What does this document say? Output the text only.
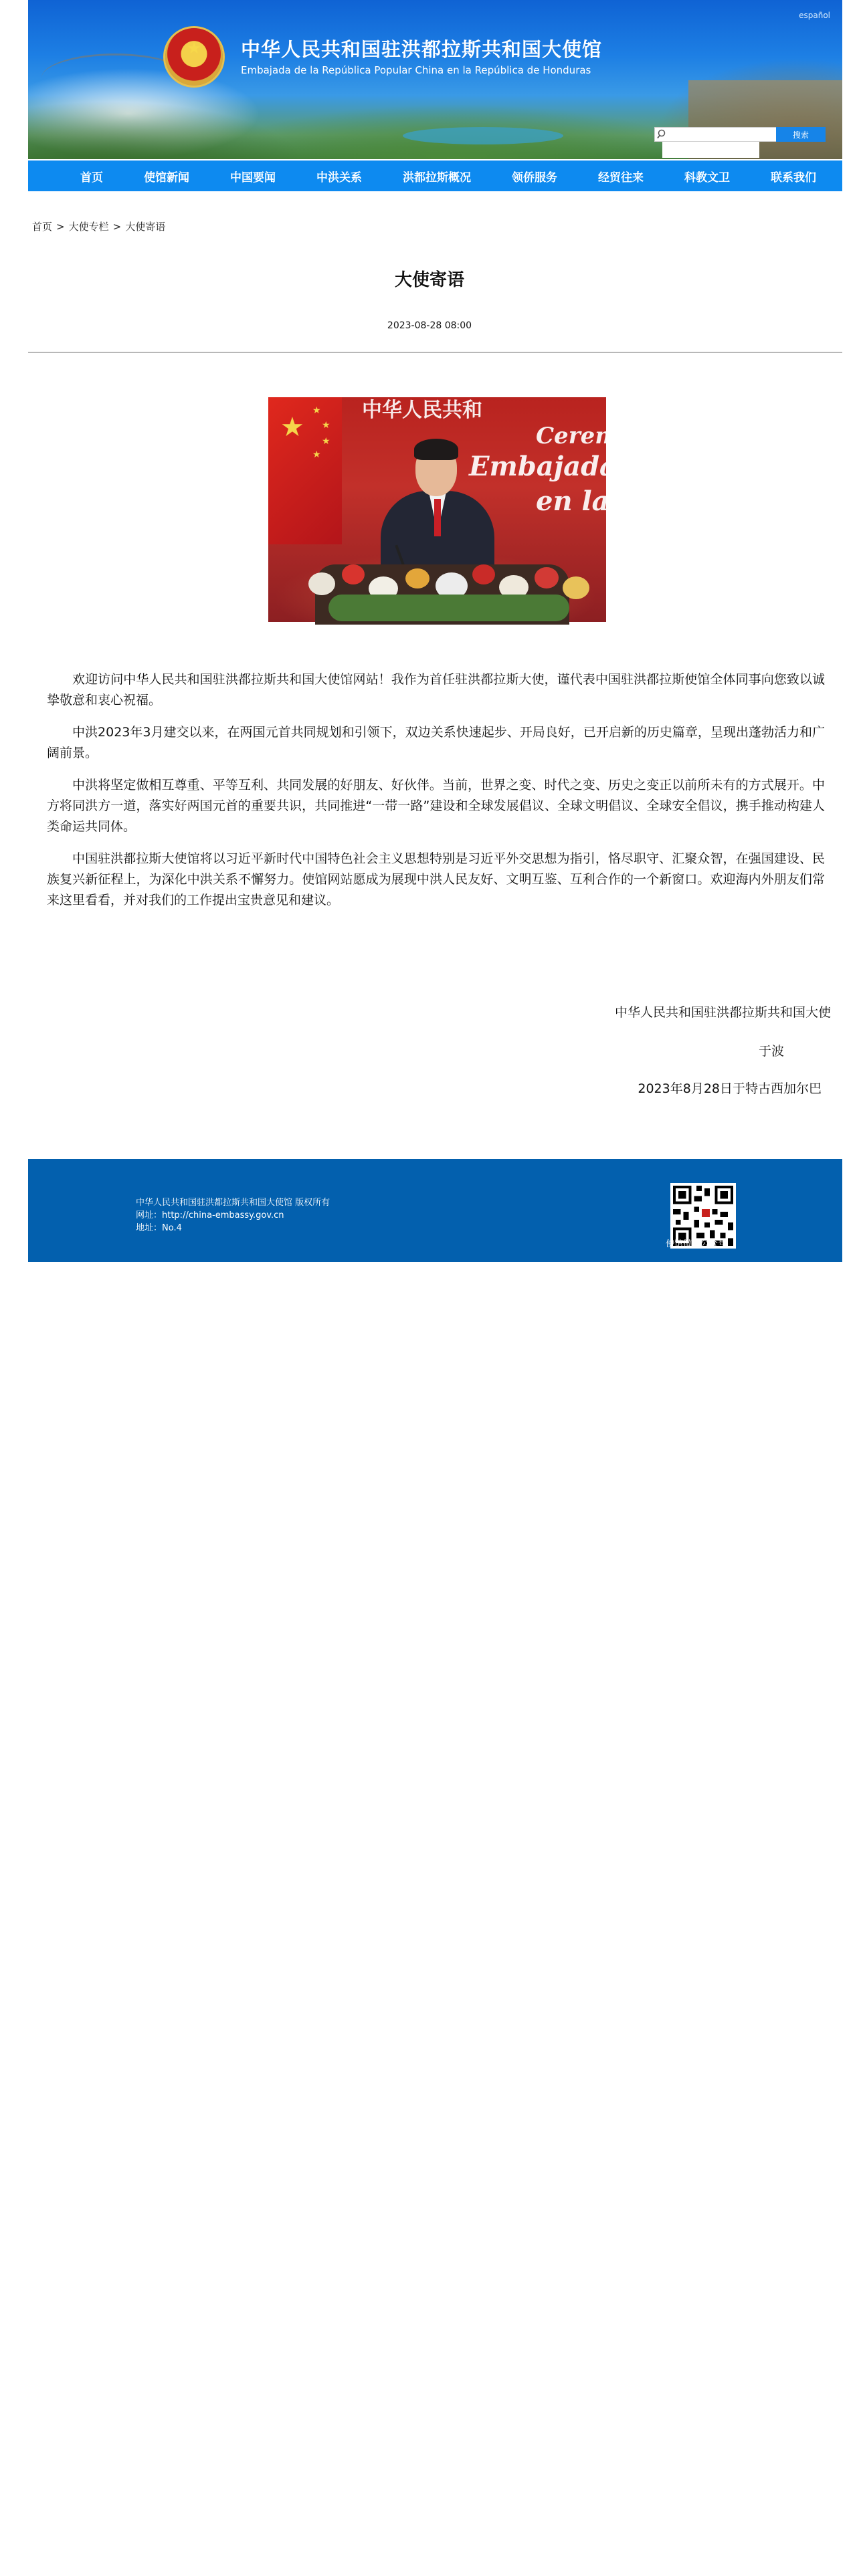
★	中华人民共和国驻洪都拉斯共和国大使馆
Embajada de la República Popular China en la República de Honduras
español
搜索
首页	使馆新闻	中国要闻	中洪关系	洪都拉斯概况	领侨服务	经贸往来	科教文卫	联系我们
首页 > 大使专栏 > 大使寄语
大使寄语
2023-08-28 08:00
★
★
★
★
★
中华人民共和
Ceremo
Embajada
en la

欢迎访问中华人民共和国驻洪都拉斯共和国大使馆网站！我作为首任驻洪都拉斯大使，谨代表中国驻洪都拉斯使馆全体同事向您致以诚挚敬意和衷心祝福。

中洪2023年3月建交以来，在两国元首共同规划和引领下，双边关系快速起步、开局良好，已开启新的历史篇章，呈现出蓬勃活力和广阔前景。

中洪将坚定做相互尊重、平等互利、共同发展的好朋友、好伙伴。当前，世界之变、时代之变、历史之变正以前所未有的方式展开。中方将同洪方一道，落实好两国元首的重要共识，共同推进“一带一路”建设和全球发展倡议、全球文明倡议、全球安全倡议，携手推动构建人类命运共同体。

中国驻洪都拉斯大使馆将以习近平新时代中国特色社会主义思想特别是习近平外交思想为指引，恪尽职守、汇聚众智，在强国建设、民族复兴新征程上，为深化中洪关系不懈努力。使馆网站愿成为展现中洪人民友好、文明互鉴、互利合作的一个新窗口。欢迎海内外朋友们常来这里看看，并对我们的工作提出宝贵意见和建议。

中华人民共和国驻洪都拉斯共和国大使
于波
2023年8月28日于特古西加尔巴
中华人民共和国驻洪都拉斯共和国大使馆 版权所有
网址：http://china-embassy.gov.cn
地址：No.4
使馆微信公众号
